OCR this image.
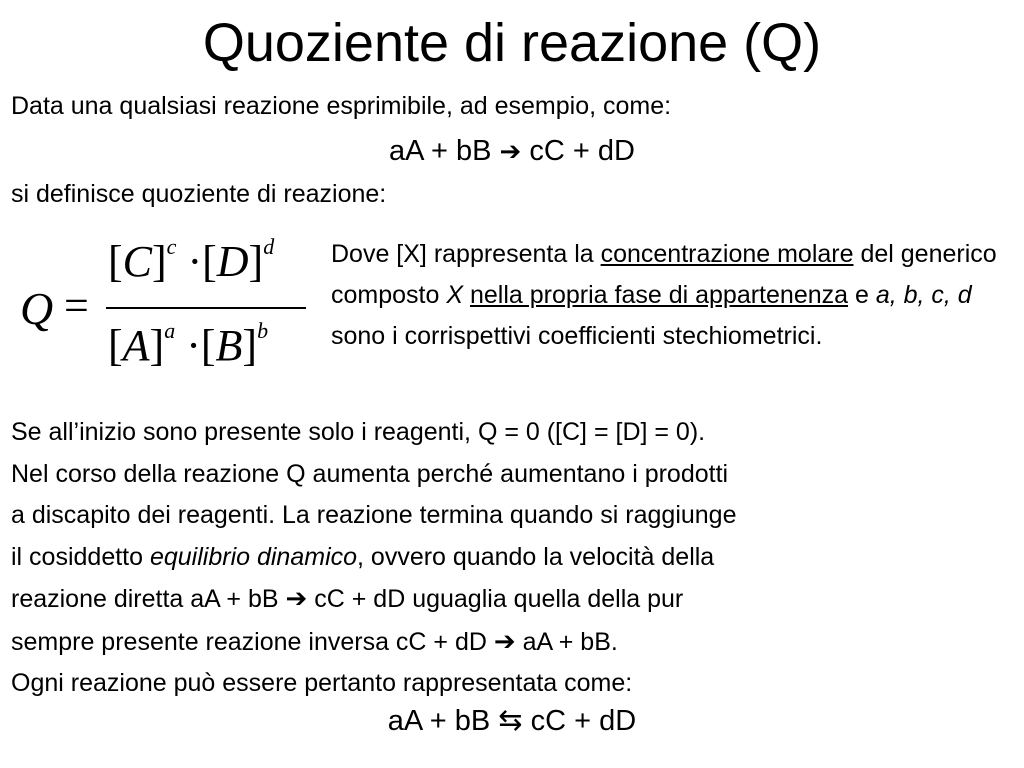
Quoziente di reazione (Q)
Data una qualsiasi reazione esprimibile, ad esempio, come:
aA + bB ➔ cC + dD
si definisce quoziente di reazione:
Q =
$[C]^c \cdot[D]^d$
$[A]^a \cdot[B]^b$
Dove [X] rappresenta la concentrazione molare del generico composto X nella propria fase di appartenenza e a, b, c, d sono i corrispettivi coefficienti stechiometrici.
Se all’inizio sono presente solo i reagenti, Q = 0 ([C] = [D] = 0).
Nel corso della reazione Q aumenta perché aumentano i prodotti
a discapito dei reagenti. La reazione termina quando si raggiunge
il cosiddetto equilibrio dinamico, ovvero quando la velocità della
reazione diretta aA + bB ➔ cC + dD uguaglia quella della pur
sempre presente reazione inversa cC + dD ➔ aA + bB.
Ogni reazione può essere pertanto rappresentata come:
aA + bB ⇆ cC + dD
